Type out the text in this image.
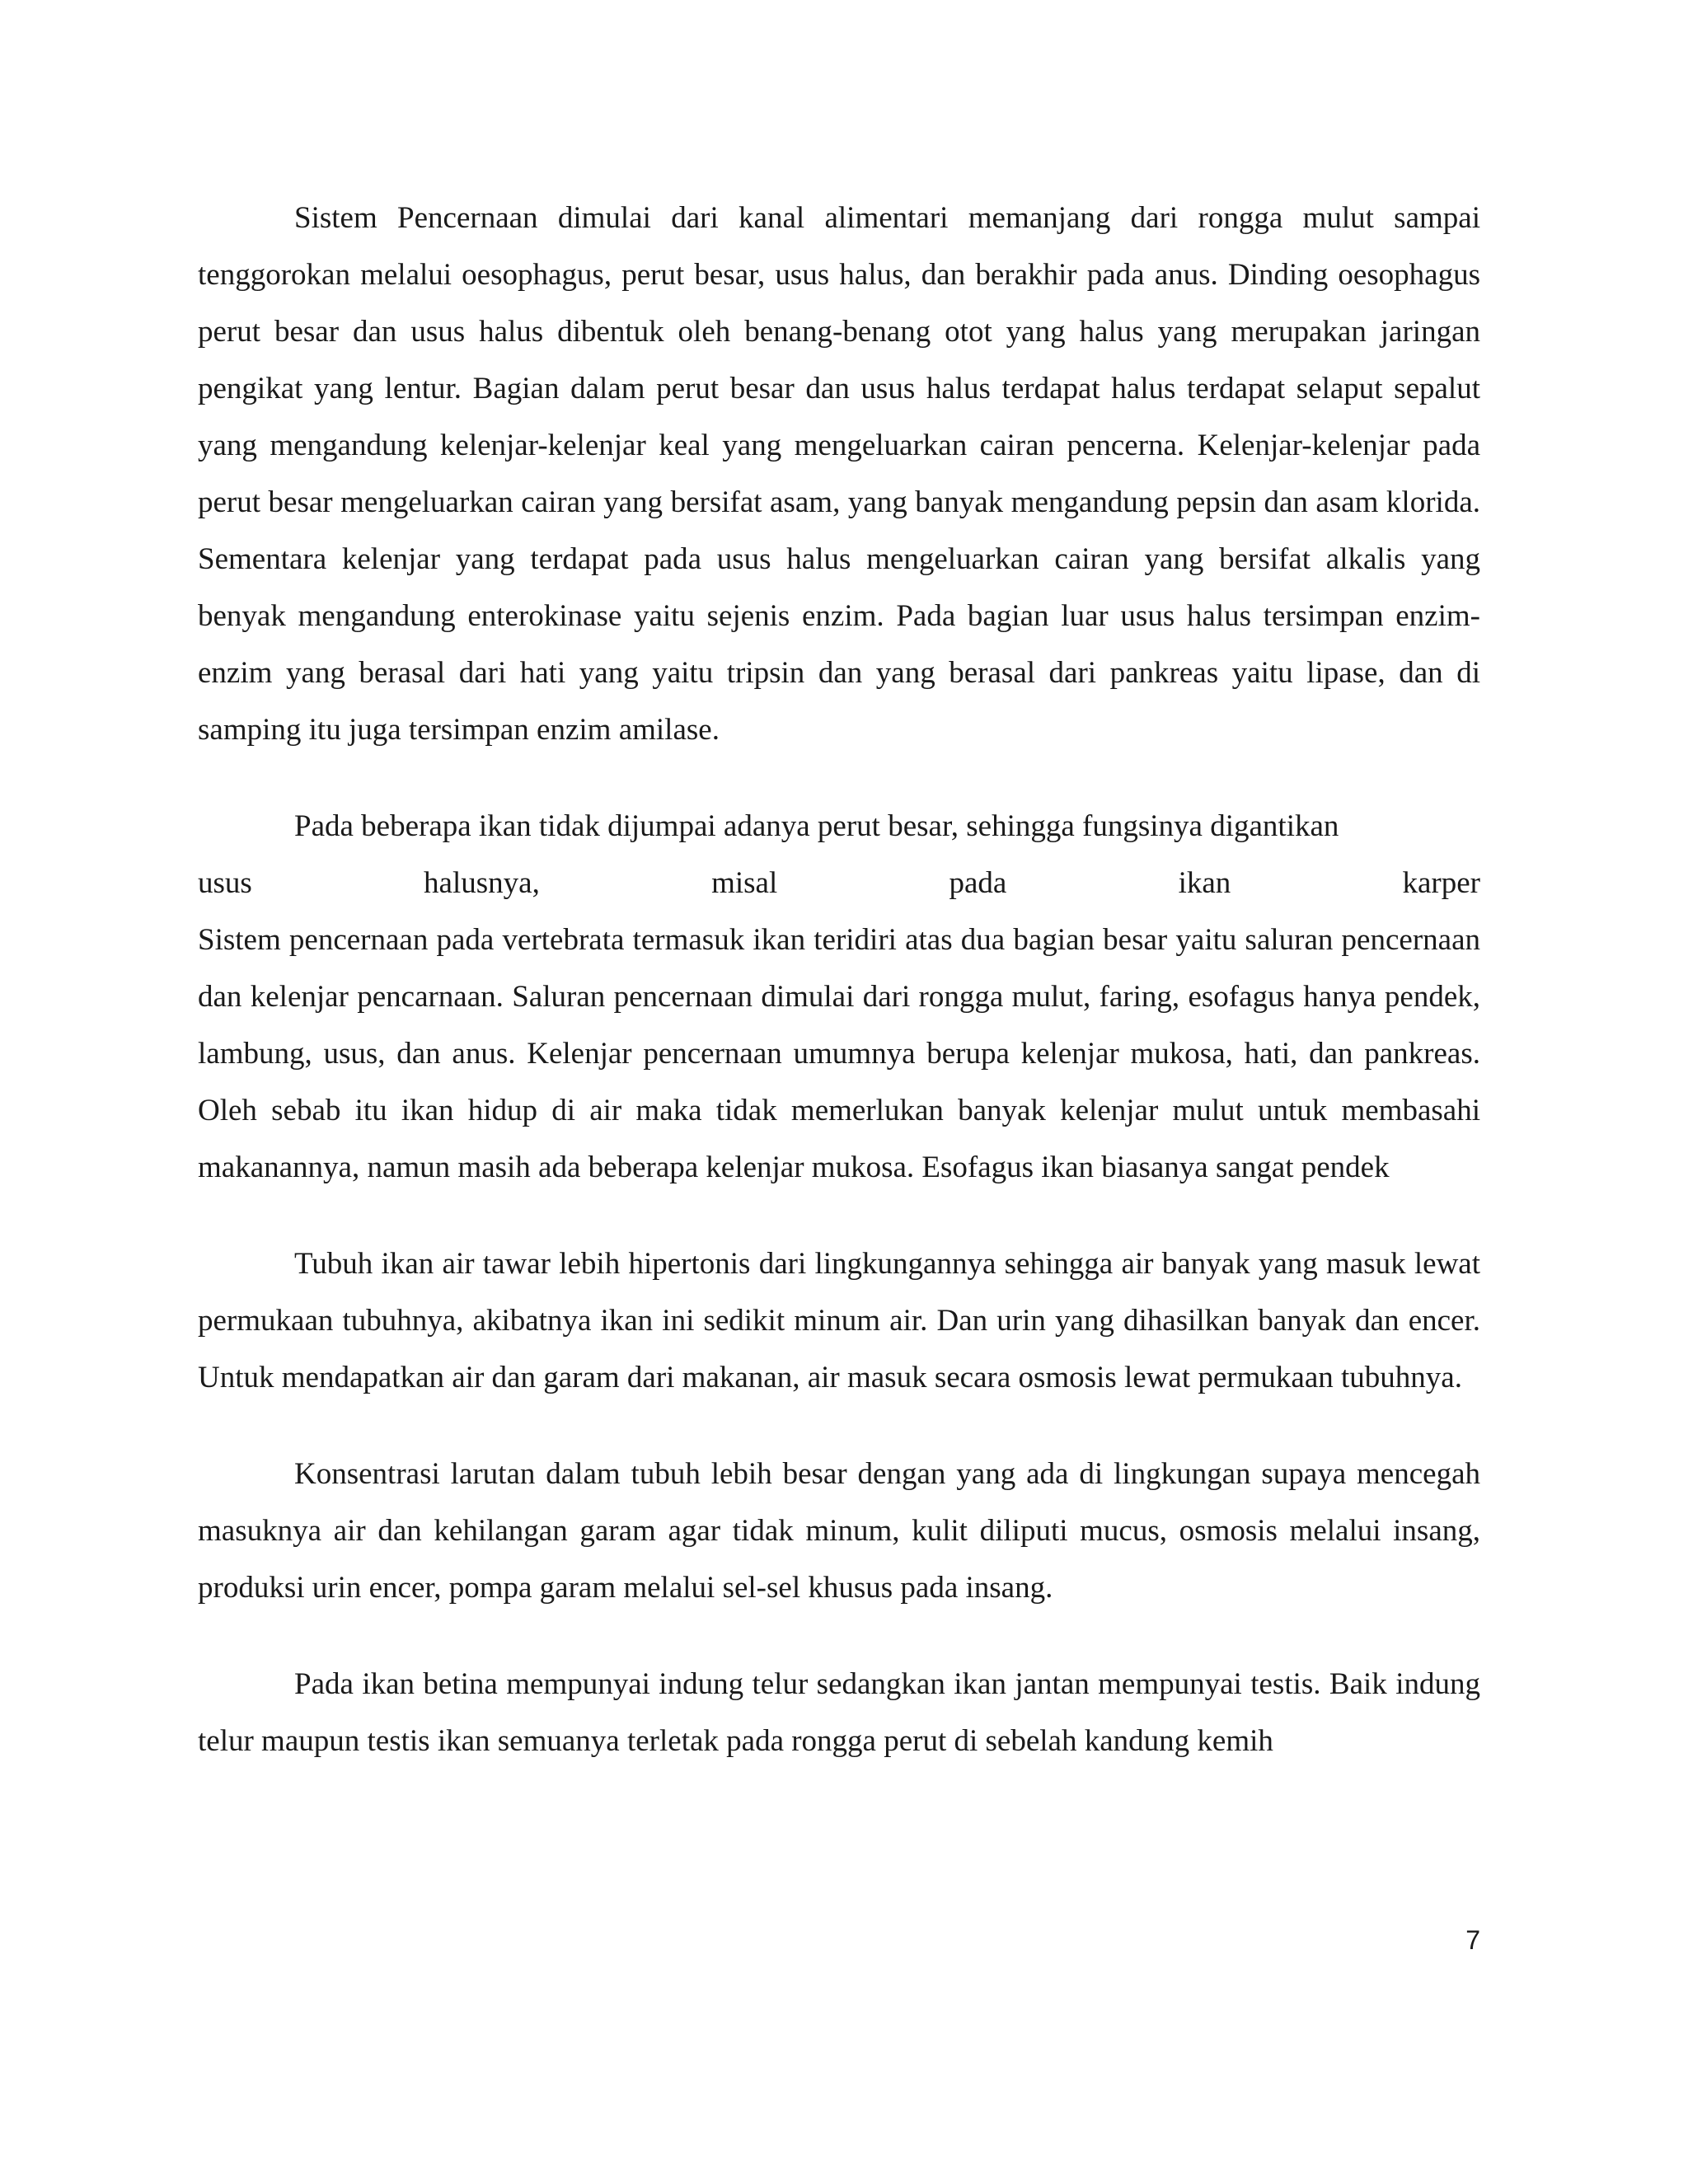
Sistem Pencernaan dimulai dari kanal alimentari memanjang dari rongga mulut sampai tenggorokan melalui oesophagus, perut besar, usus halus, dan berakhir pada anus. Dinding oesophagus perut besar dan usus halus dibentuk oleh benang-benang otot yang halus yang merupakan jaringan pengikat yang lentur. Bagian dalam perut besar dan usus halus terdapat halus terdapat selaput sepalut yang mengandung kelenjar-kelenjar keal yang mengeluarkan cairan pencerna. Kelenjar-kelenjar pada perut besar mengeluarkan cairan yang bersifat asam, yang banyak mengandung pepsin dan asam klorida. Sementara kelenjar yang terdapat pada usus halus mengeluarkan cairan yang bersifat alkalis yang benyak mengandung enterokinase yaitu sejenis enzim. Pada bagian luar usus halus tersimpan enzim-enzim yang berasal dari hati yang yaitu tripsin dan yang berasal dari pankreas yaitu lipase, dan di samping itu juga tersimpan enzim amilase.

Pada beberapa ikan tidak dijumpai adanya perut besar, sehingga fungsinya digantikan
usus	halusnya,	misal	pada	ikan	karper
Sistem pencernaan pada vertebrata termasuk ikan teridiri atas dua bagian besar yaitu saluran pencernaan dan kelenjar pencarnaan. Saluran pencernaan dimulai dari rongga mulut, faring, esofagus hanya pendek, lambung, usus, dan anus. Kelenjar pencernaan umumnya berupa kelenjar mukosa, hati, dan pankreas. Oleh sebab itu ikan hidup di air maka tidak memerlukan banyak kelenjar mulut untuk membasahi makanannya, namun masih ada beberapa kelenjar mukosa. Esofagus ikan biasanya sangat pendek

Tubuh ikan air tawar lebih hipertonis dari lingkungannya sehingga air banyak yang masuk lewat permukaan tubuhnya, akibatnya ikan ini sedikit minum air. Dan urin yang dihasilkan banyak dan encer. Untuk mendapatkan air dan garam dari makanan, air masuk secara osmosis lewat permukaan tubuhnya.

Konsentrasi larutan dalam tubuh lebih besar dengan yang ada di lingkungan supaya mencegah masuknya air dan kehilangan garam agar tidak minum, kulit diliputi mucus, osmosis melalui insang, produksi urin encer, pompa garam melalui sel-sel khusus pada insang.

Pada ikan betina mempunyai indung telur sedangkan ikan jantan mempunyai testis. Baik indung telur maupun testis ikan semuanya terletak pada rongga perut di sebelah kandung kemih

7
